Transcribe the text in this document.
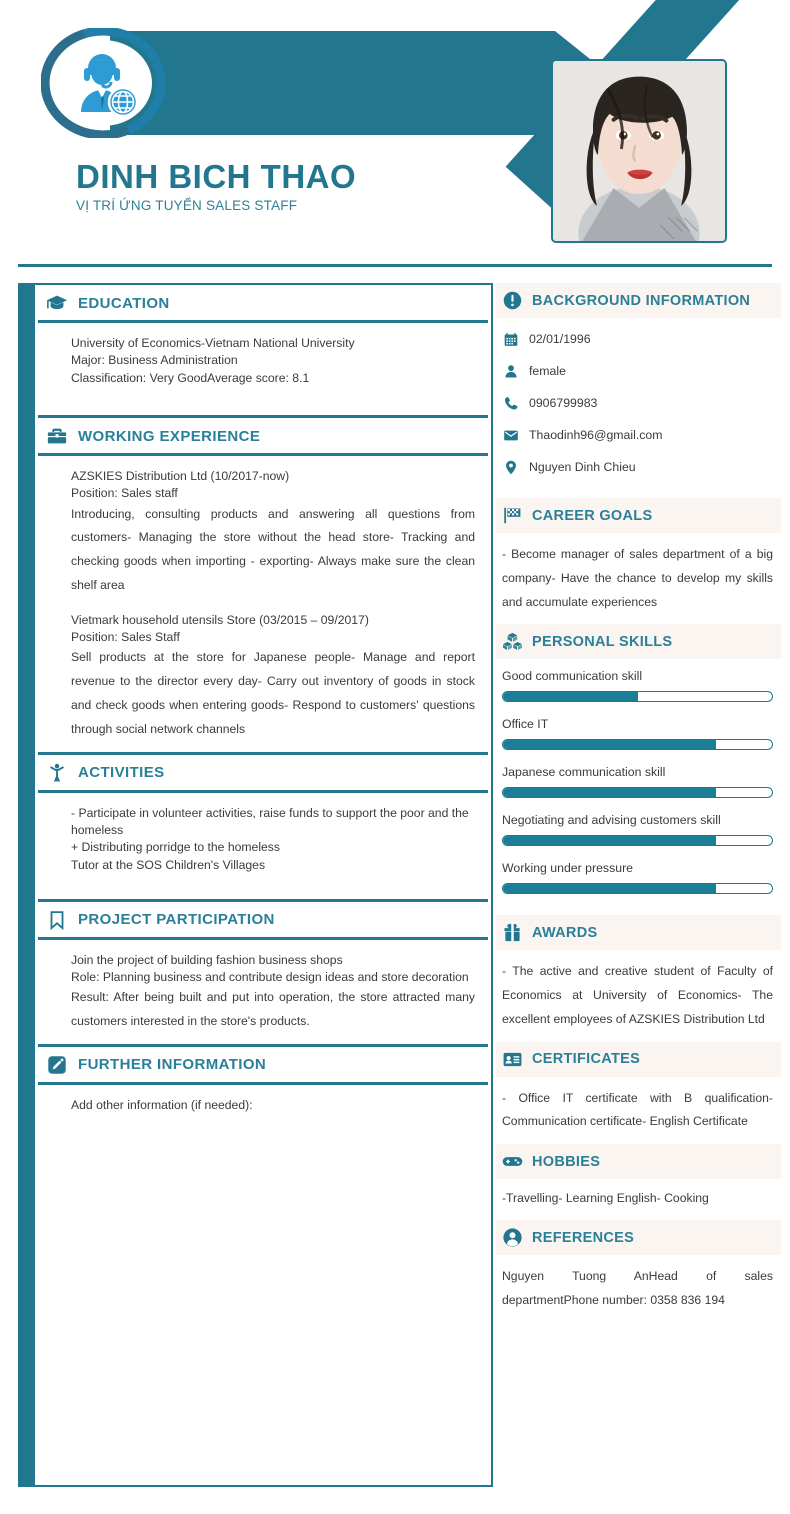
DINH BICH THAO
VỊ TRÍ ỨNG TUYỂN SALES STAFF
EDUCATION

University of Economics-Vietnam National University

Major: Business Administration

Classification: Very GoodAverage score: 8.1

WORKING EXPERIENCE

AZSKIES Distribution Ltd (10/2017-now)

Position: Sales staff

Introducing, consulting products and answering all questions from customers- Managing the store without the head store- Tracking and checking goods when importing - exporting- Always make sure the clean shelf area

Vietmark household utensils Store (03/2015 – 09/2017)

Position: Sales Staff

Sell products at the store for Japanese people- Manage and report revenue to the director every day- Carry out inventory of goods in stock and check goods when entering goods- Respond to customers' questions through social network channels

ACTIVITIES

- Participate in volunteer activities, raise funds to support the poor and the homeless

+ Distributing porridge to the homeless

Tutor at the SOS Children's Villages

PROJECT PARTICIPATION

Join the project of building fashion business shops

Role: Planning business and contribute design ideas and store decoration

Result: After being built and put into operation, the store attracted many customers interested in the store's products.

FURTHER INFORMATION

Add other information (if needed):

BACKGROUND INFORMATION
02/01/1996
female
0906799983
Thaodinh96@gmail.com
Nguyen Dinh Chieu
CAREER GOALS

- Become manager of sales department of a big company- Have the chance to develop my skills and accumulate experiences

PERSONAL SKILLS
Good communication skill
Office IT
Japanese communication skill
Negotiating and advising customers skill
Working under pressure
AWARDS

- The active and creative student of Faculty of Economics at University of Economics- The excellent employees of AZSKIES Distribution Ltd

CERTIFICATES

- Office IT certificate with B qualification- Communication certificate- English Certificate

HOBBIES

-Travelling- Learning English- Cooking

REFERENCES

Nguyen Tuong AnHead of sales departmentPhone number: 0358 836 194
